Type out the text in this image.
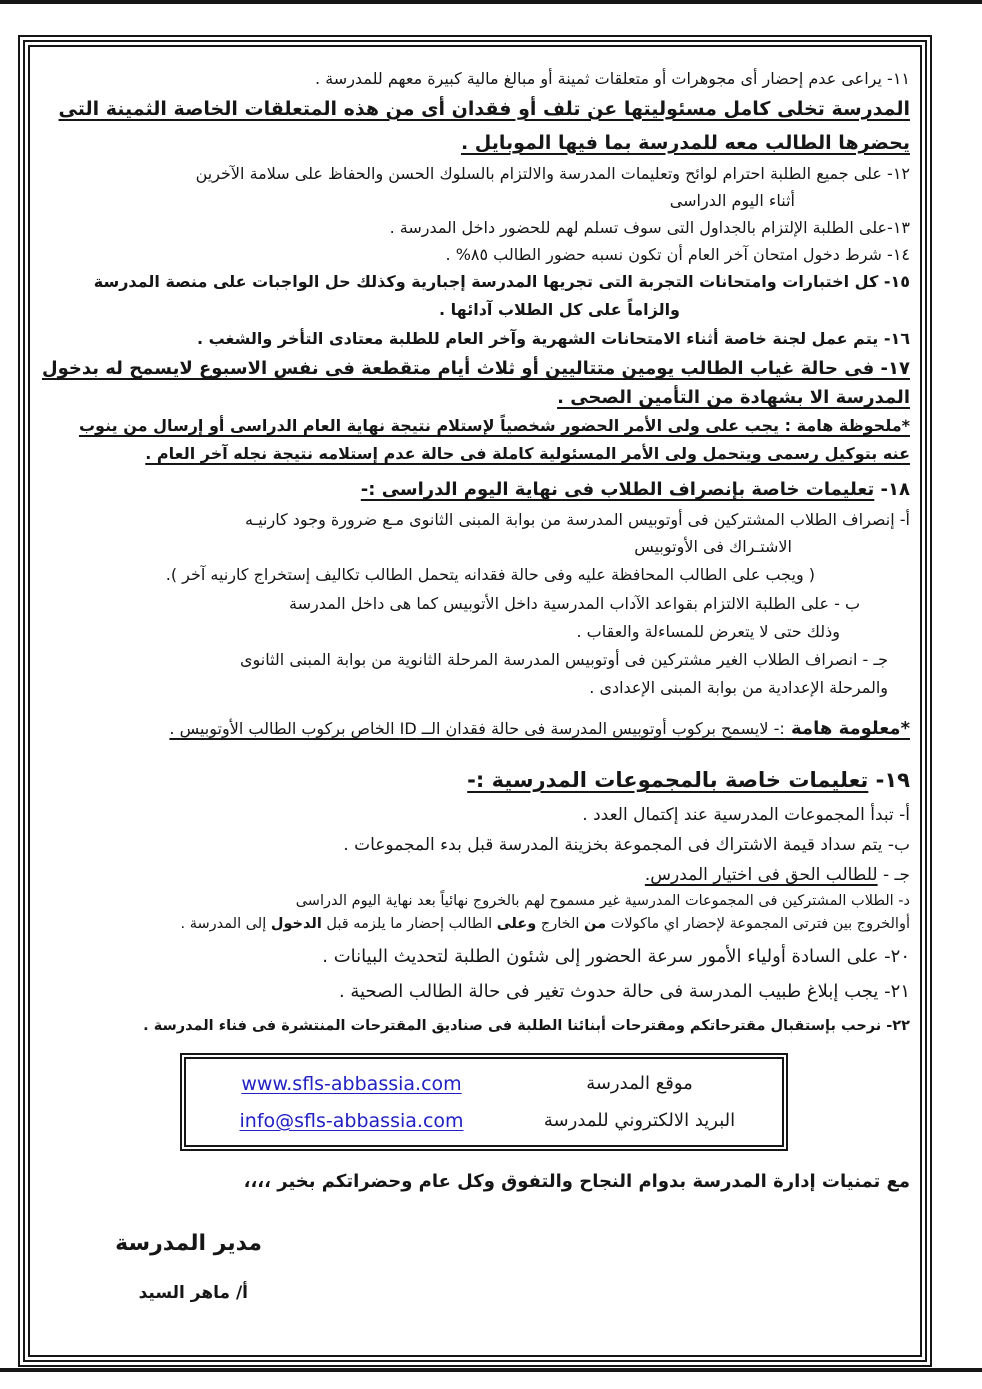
١١- يراعى عدم إحضار أى مجوهرات أو متعلقات ثمينة أو مبالغ مالية كبيرة معهم للمدرسة .

المدرسة تخلى كامل مسئوليتها عن تلف أو فقدان أى من هذه المتعلقات الخاصة الثمينة التى

يحضرها الطالب معه للمدرسة بما فيها الموبايل .

١٢- على جميع الطلبة احترام لوائح وتعليمات المدرسة والالتزام بالسلوك الحسن والحفاظ على سلامة الآخرين

أثناء اليوم الدراسى

١٣-على الطلبة الإلتزام بالجداول التى سوف تسلم لهم للحضور داخل المدرسة .

١٤- شرط دخول امتحان آخر العام أن تكون نسبه حضور الطالب ٨٥% .

١٥- كل اختبارات وامتحانات التجربة التى تجريها المدرسة إجبارية وكذلك حل الواجبات على منصة المدرسة

والزاماً على كل الطلاب آدائها .

١٦- يتم عمل لجنة خاصة أثناء الامتحانات الشهرية وآخر العام للطلبة معتادى التأخر والشغب .

١٧- فى حالة غياب الطالب يومين متتاليين أو ثلاث أيام متقطعة فى نفس الاسبوع لايسمح له بدخول

المدرسة الا بشهادة من التأمين الصحى .

*ملحوظة هامة : يجب على ولى الأمر الحضور شخصياً لإستلام نتيجة نهاية العام الدراسى أو إرسال من ينوب

عنه بتوكيل رسمى ويتحمل ولى الأمر المسئولية كاملة فى حالة عدم إستلامه نتيجة نجله آخر العام .

١٨- تعليمات خاصة بإنصراف الطلاب فى نهاية اليوم الدراسى :-

أ- إنصراف الطلاب المشتركين فى أوتوبيس المدرسة من بوابة المبنى الثانوى مـع ضرورة وجود كارنيـه

الاشتـراك فى الأوتوبيس

( ويجب على الطالب المحافظة عليه وفى حالة فقدانه يتحمل الطالب تكاليف إستخراج كارنيه آخر ).

ب - على الطلبة الالتزام بقواعد الآداب المدرسية داخل الأتوبيس كما هى داخل المدرسة

وذلك حتى لا يتعرض للمساءلة والعقاب .

جـ - انصراف الطلاب الغير مشتركين فى أوتوبيس المدرسة المرحلة الثانوية من بوابة المبنى الثانوى

والمرحلة الإعدادية من بوابة المبنى الإعدادى .

*معلومة هامة :- لايسمح بركوب أوتوبيس المدرسة فى حالة فقدان الــ ID الخاص بركوب الطالب الأوتوبيس .

١٩- تعليمات خاصة بالمجموعات المدرسية :-

أ- تبدأ المجموعات المدرسية عند إكتمال العدد .

ب- يتم سداد قيمة الاشتراك فى المجموعة بخزينة المدرسة قبل بدء المجموعات .

جـ - للطالب الحق فى اختيار المدرس.

د- الطلاب المشتركين فى المجموعات المدرسية غير مسموح لهم بالخروج نهائياً بعد نهاية اليوم الدراسى

أوالخروج بين فترتى المجموعة لإحضار اي ماكولات من الخارج وعلى الطالب إحضار ما يلزمه قبل الدخول إلى المدرسة .

٢٠- على السادة أولياء الأمور سرعة الحضور إلى شئون الطلبة لتحديث البيانات .

٢١- يجب إبلاغ طبيب المدرسة فى حالة حدوث تغير فى حالة الطالب الصحية .

٢٢- نرحب بإستقبال مقترحاتكم ومقترحات أبنائنا الطلبة فى صناديق المقترحات المنتشرة فى فناء المدرسة .

موقع المدرسة
www.sfls-abbassia.com
البريد الالكتروني للمدرسة
info@sfls-abbassia.com

مع تمنيات إدارة المدرسة بدوام النجاح والتفوق وكل عام وحضراتكم بخير ،،،،

مدير المدرسة

أ/ ماهر السيد
